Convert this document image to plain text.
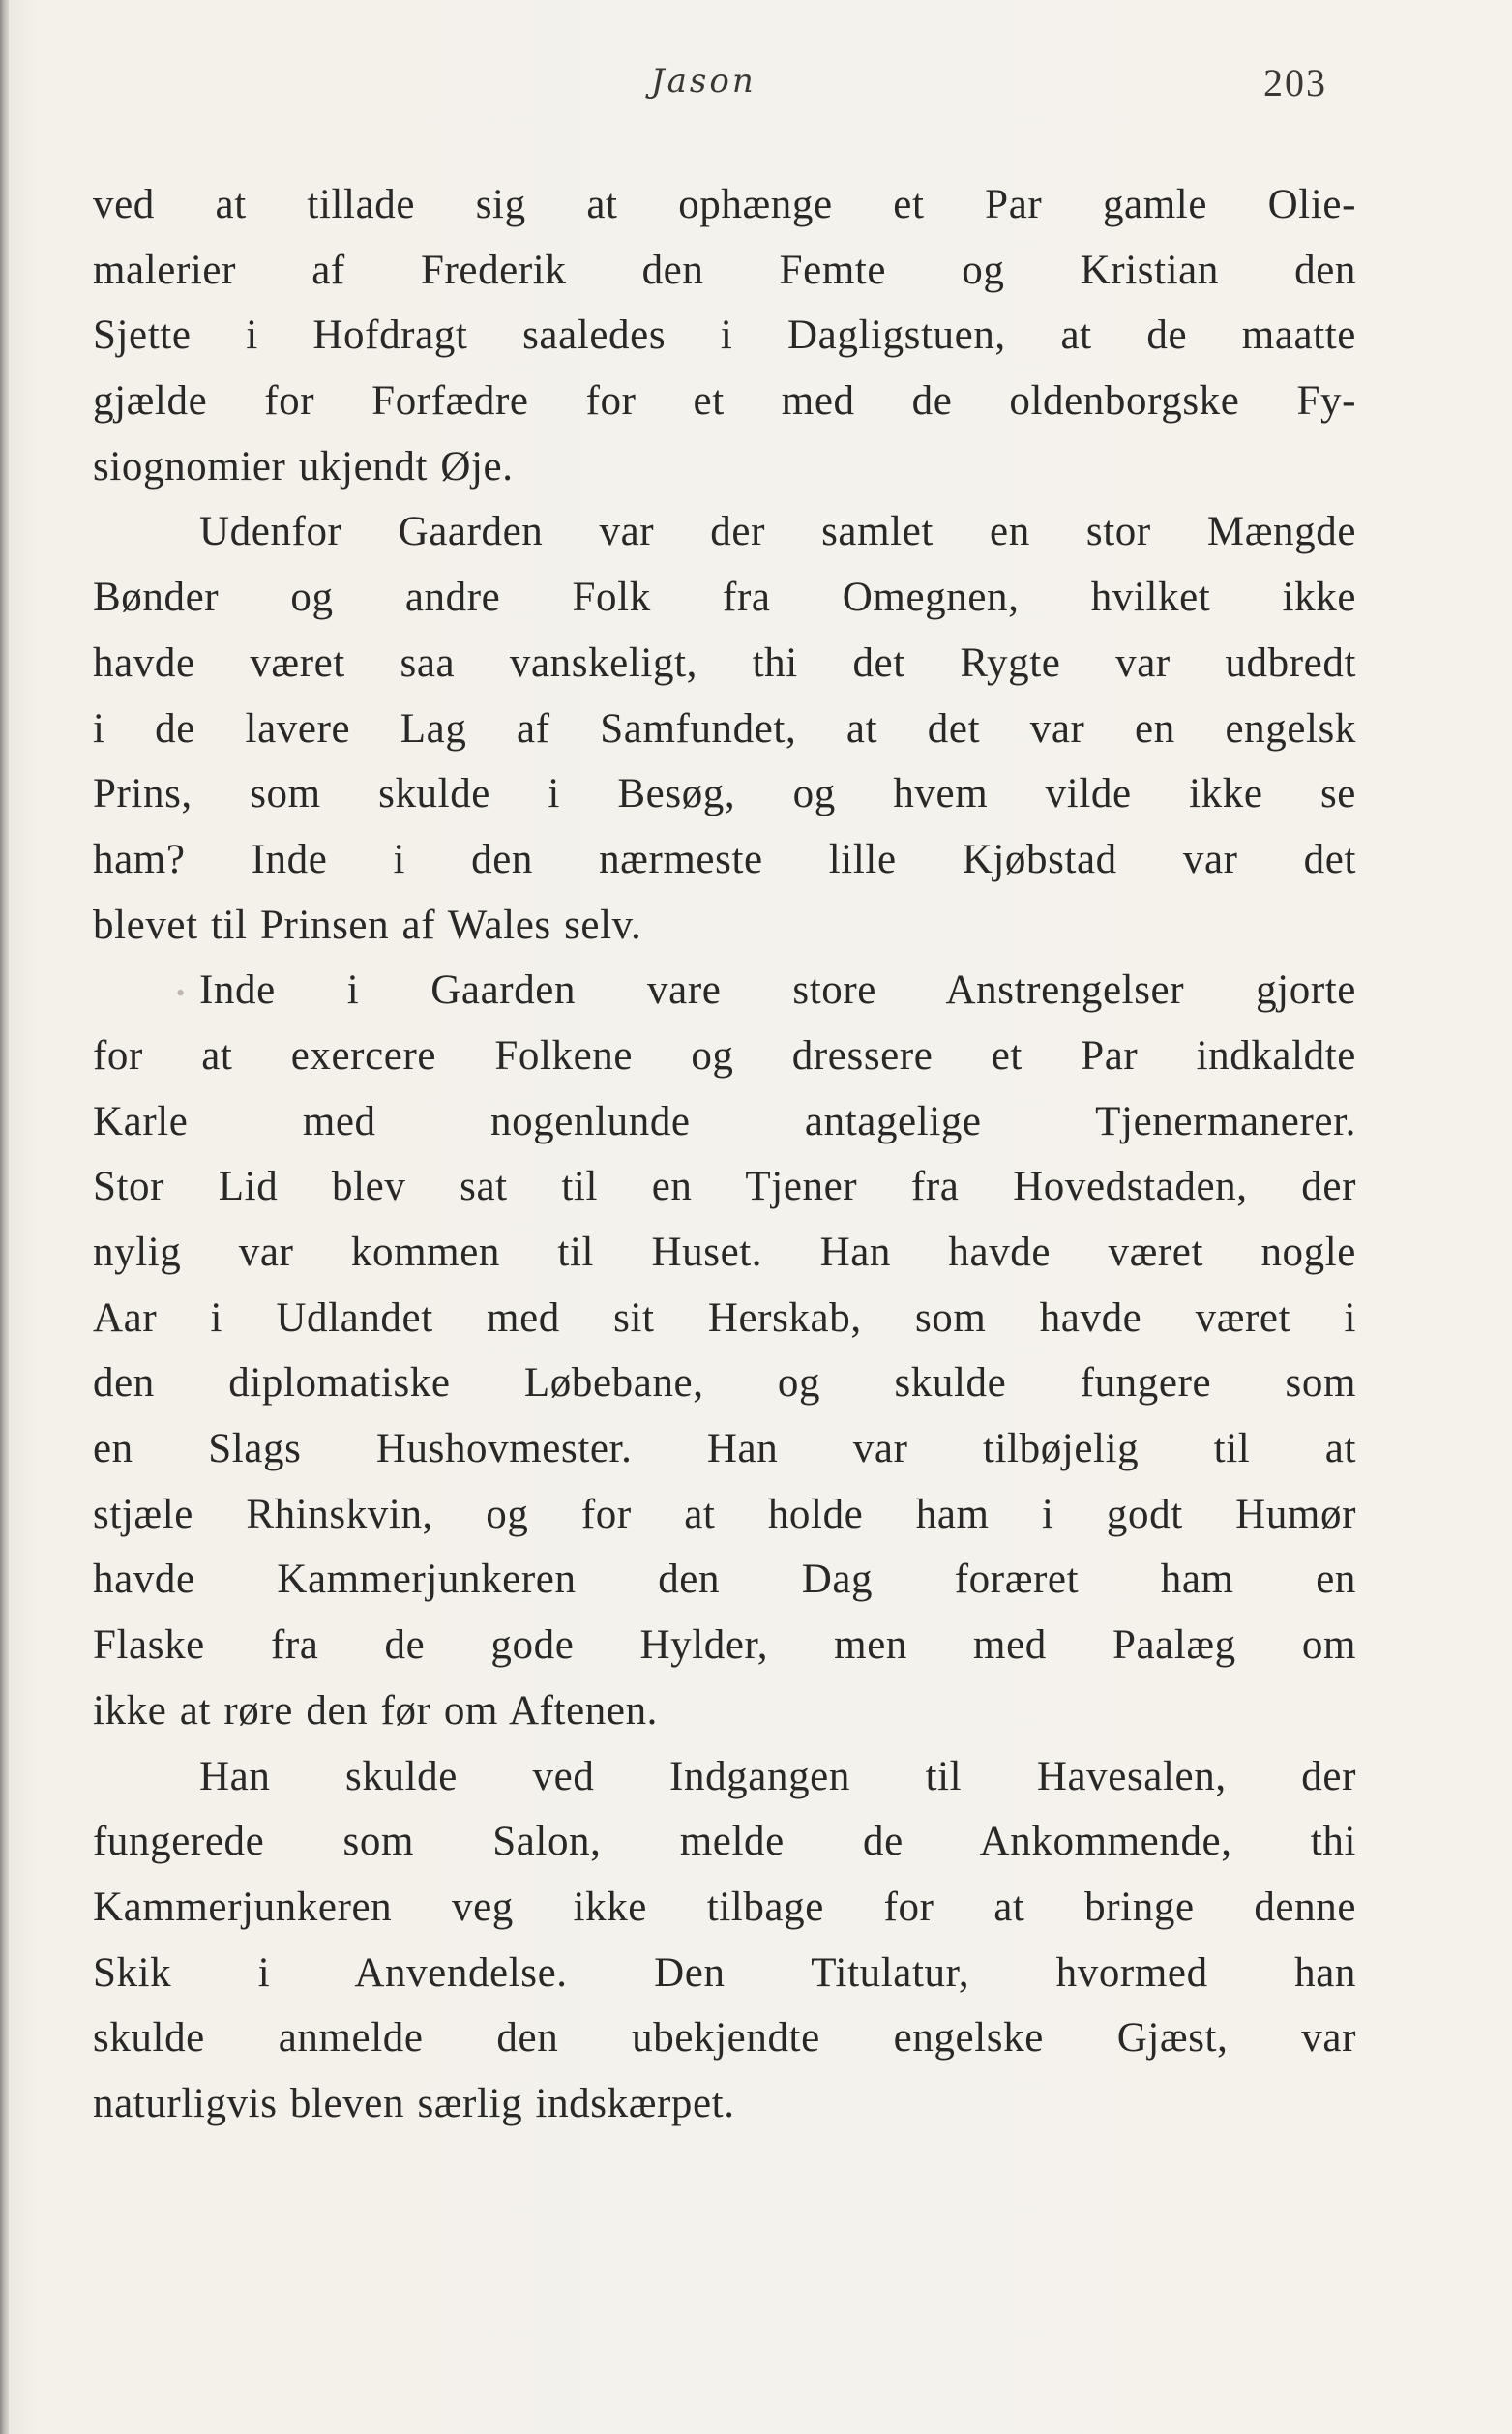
Jason	203
•
ved at tillade sig at ophænge et Par gamle Olie-
malerier af Frederik den Femte og Kristian den
Sjette i Hofdragt saaledes i Dagligstuen, at de maatte
gjælde for Forfædre for et med de oldenborgske Fy-
siognomier ukjendt Øje.
Udenfor Gaarden var der samlet en stor Mængde
Bønder og andre Folk fra Omegnen, hvilket ikke
havde været saa vanskeligt, thi det Rygte var udbredt
i de lavere Lag af Samfundet, at det var en engelsk
Prins, som skulde i Besøg, og hvem vilde ikke se
ham? Inde i den nærmeste lille Kjøbstad var det
blevet til Prinsen af Wales selv.
Inde i Gaarden vare store Anstrengelser gjorte
for at exercere Folkene og dressere et Par indkaldte
Karle med nogenlunde antagelige Tjenermanerer.
Stor Lid blev sat til en Tjener fra Hovedstaden, der
nylig var kommen til Huset. Han havde været nogle
Aar i Udlandet med sit Herskab, som havde været i
den diplomatiske Løbebane, og skulde fungere som
en Slags Hushovmester. Han var tilbøjelig til at
stjæle Rhinskvin, og for at holde ham i godt Humør
havde Kammerjunkeren den Dag foræret ham en
Flaske fra de gode Hylder, men med Paalæg om
ikke at røre den før om Aftenen.
Han skulde ved Indgangen til Havesalen, der
fungerede som Salon, melde de Ankommende, thi
Kammerjunkeren veg ikke tilbage for at bringe denne
Skik i Anvendelse. Den Titulatur, hvormed han
skulde anmelde den ubekjendte engelske Gjæst, var
naturligvis bleven særlig indskærpet.
